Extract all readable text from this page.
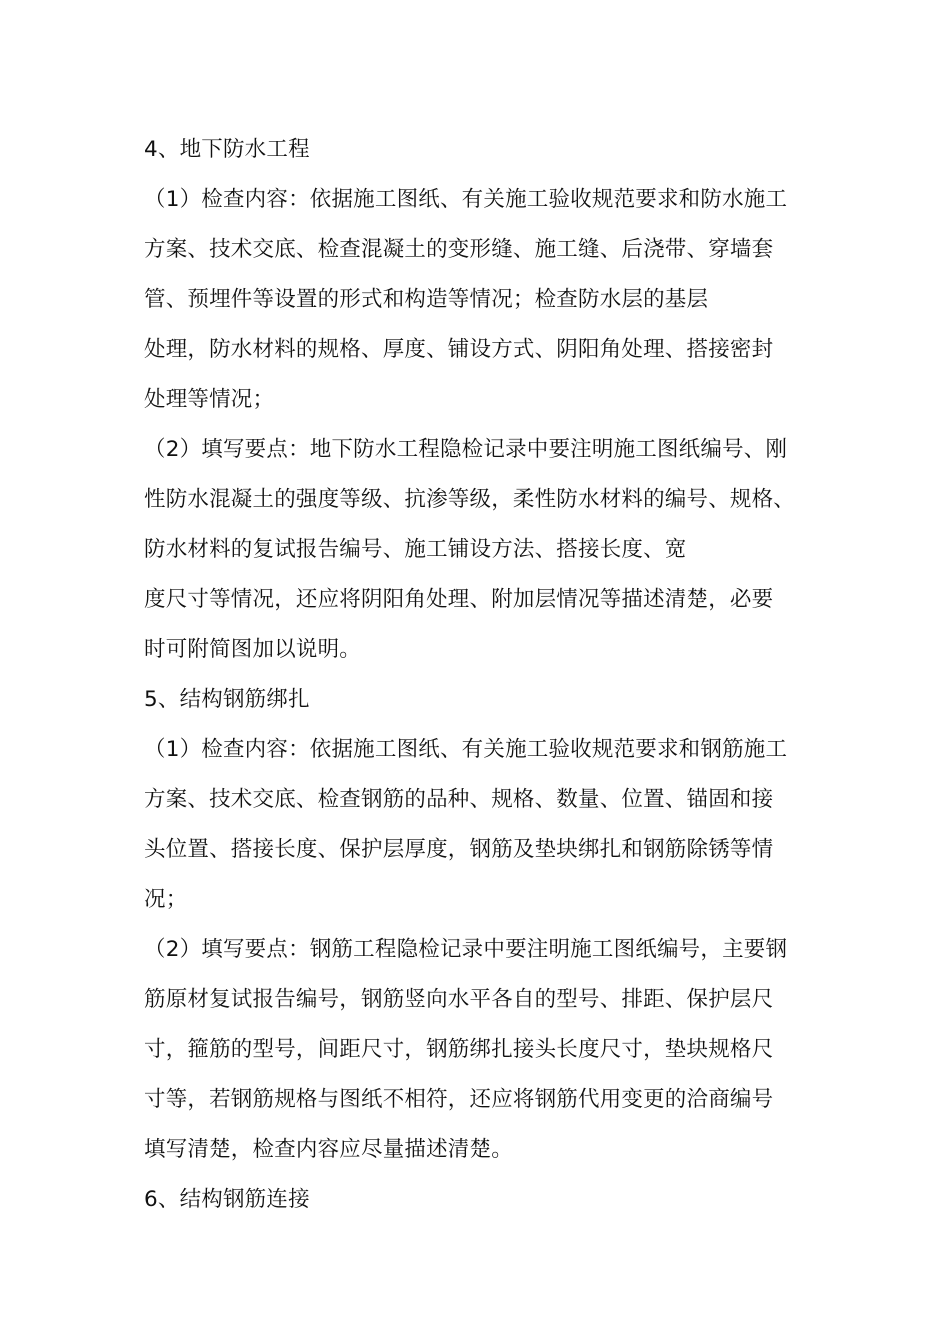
4、地下防水工程
（1）检查内容：依据施工图纸、有关施工验收规范要求和防水施工
方案、技术交底、检查混凝土的变形缝、施工缝、后浇带、穿墙套
管、预埋件等设置的形式和构造等情况；检查防水层的基层
处理，防水材料的规格、厚度、铺设方式、阴阳角处理、搭接密封
处理等情况；
（2）填写要点：地下防水工程隐检记录中要注明施工图纸编号、刚
性防水混凝土的强度等级、抗渗等级，柔性防水材料的编号、规格、
防水材料的复试报告编号、施工铺设方法、搭接长度、宽
度尺寸等情况，还应将阴阳角处理、附加层情况等描述清楚，必要
时可附简图加以说明。
5、结构钢筋绑扎
（1）检查内容：依据施工图纸、有关施工验收规范要求和钢筋施工
方案、技术交底、检查钢筋的品种、规格、数量、位置、锚固和接
头位置、搭接长度、保护层厚度，钢筋及垫块绑扎和钢筋除锈等情
况；
（2）填写要点：钢筋工程隐检记录中要注明施工图纸编号，主要钢
筋原材复试报告编号，钢筋竖向水平各自的型号、排距、保护层尺
寸，箍筋的型号，间距尺寸，钢筋绑扎接头长度尺寸，垫块规格尺
寸等，若钢筋规格与图纸不相符，还应将钢筋代用变更的洽商编号
填写清楚，检查内容应尽量描述清楚。
6、结构钢筋连接
